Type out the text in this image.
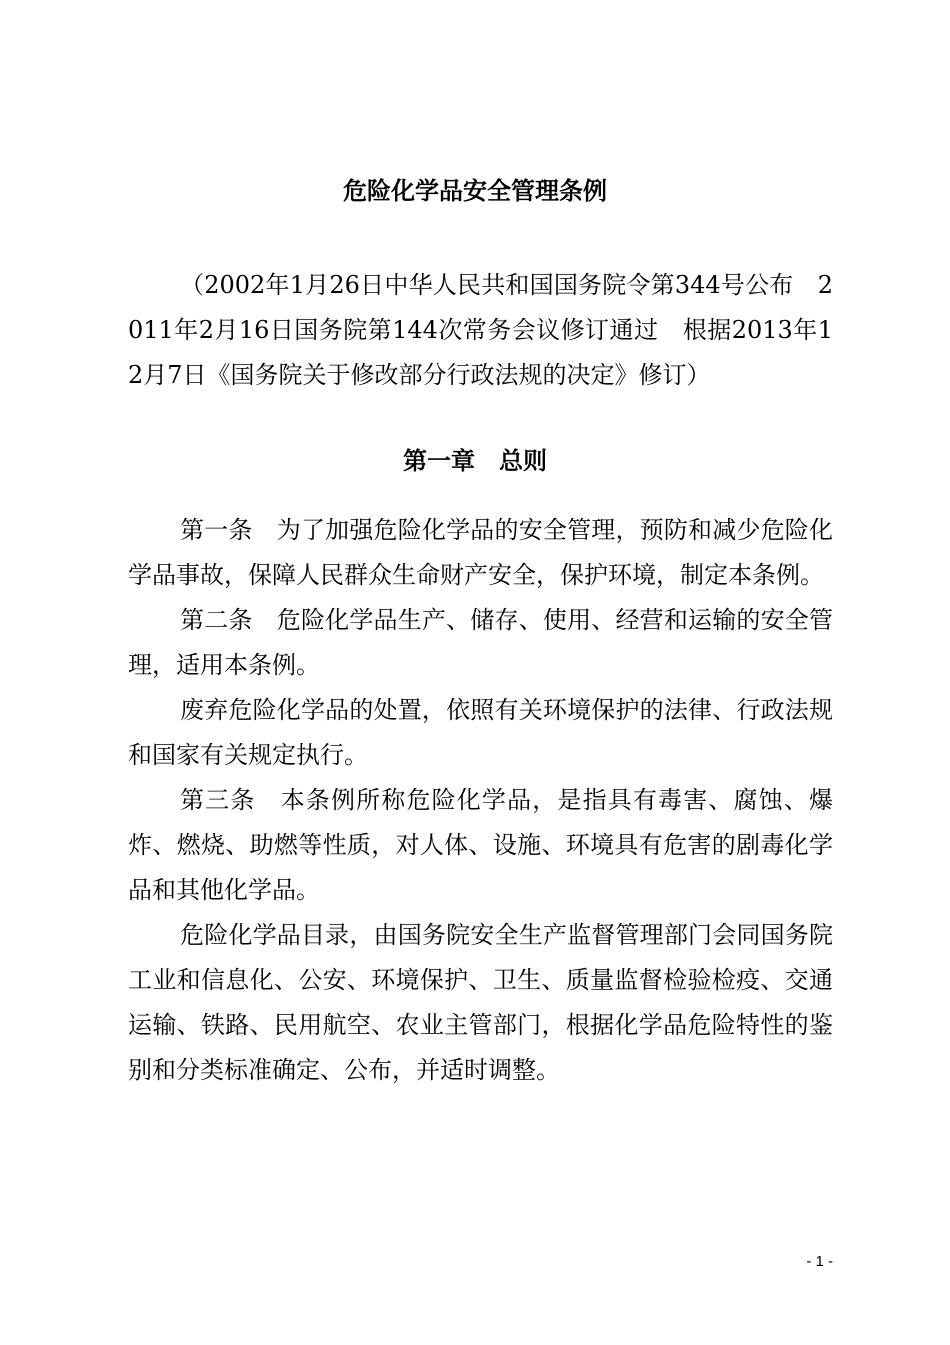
危险化学品安全管理条例
（2002年1月26日中华人民共和国国务院令第344号公布　2011年2月16日国务院第144次常务会议修订通过　根据2013年12月7日《国务院关于修改部分行政法规的决定》修订）
第一章　总则
第一条 为了加强危险化学品的安全管理，预防和减少危险化学品事故，保障人民群众生命财产安全，保护环境，制定本条例。
第二条 危险化学品生产、储存、使用、经营和运输的安全管理，适用本条例。
废弃危险化学品的处置，依照有关环境保护的法律、行政法规和国家有关规定执行。
第三条 本条例所称危险化学品，是指具有毒害、腐蚀、爆炸、燃烧、助燃等性质，对人体、设施、环境具有危害的剧毒化学品和其他化学品。
危险化学品目录，由国务院安全生产监督管理部门会同国务院工业和信息化、公安、环境保护、卫生、质量监督检验检疫、交通运输、铁路、民用航空、农业主管部门，根据化学品危险特性的鉴别和分类标准确定、公布，并适时调整。
- 1 -
